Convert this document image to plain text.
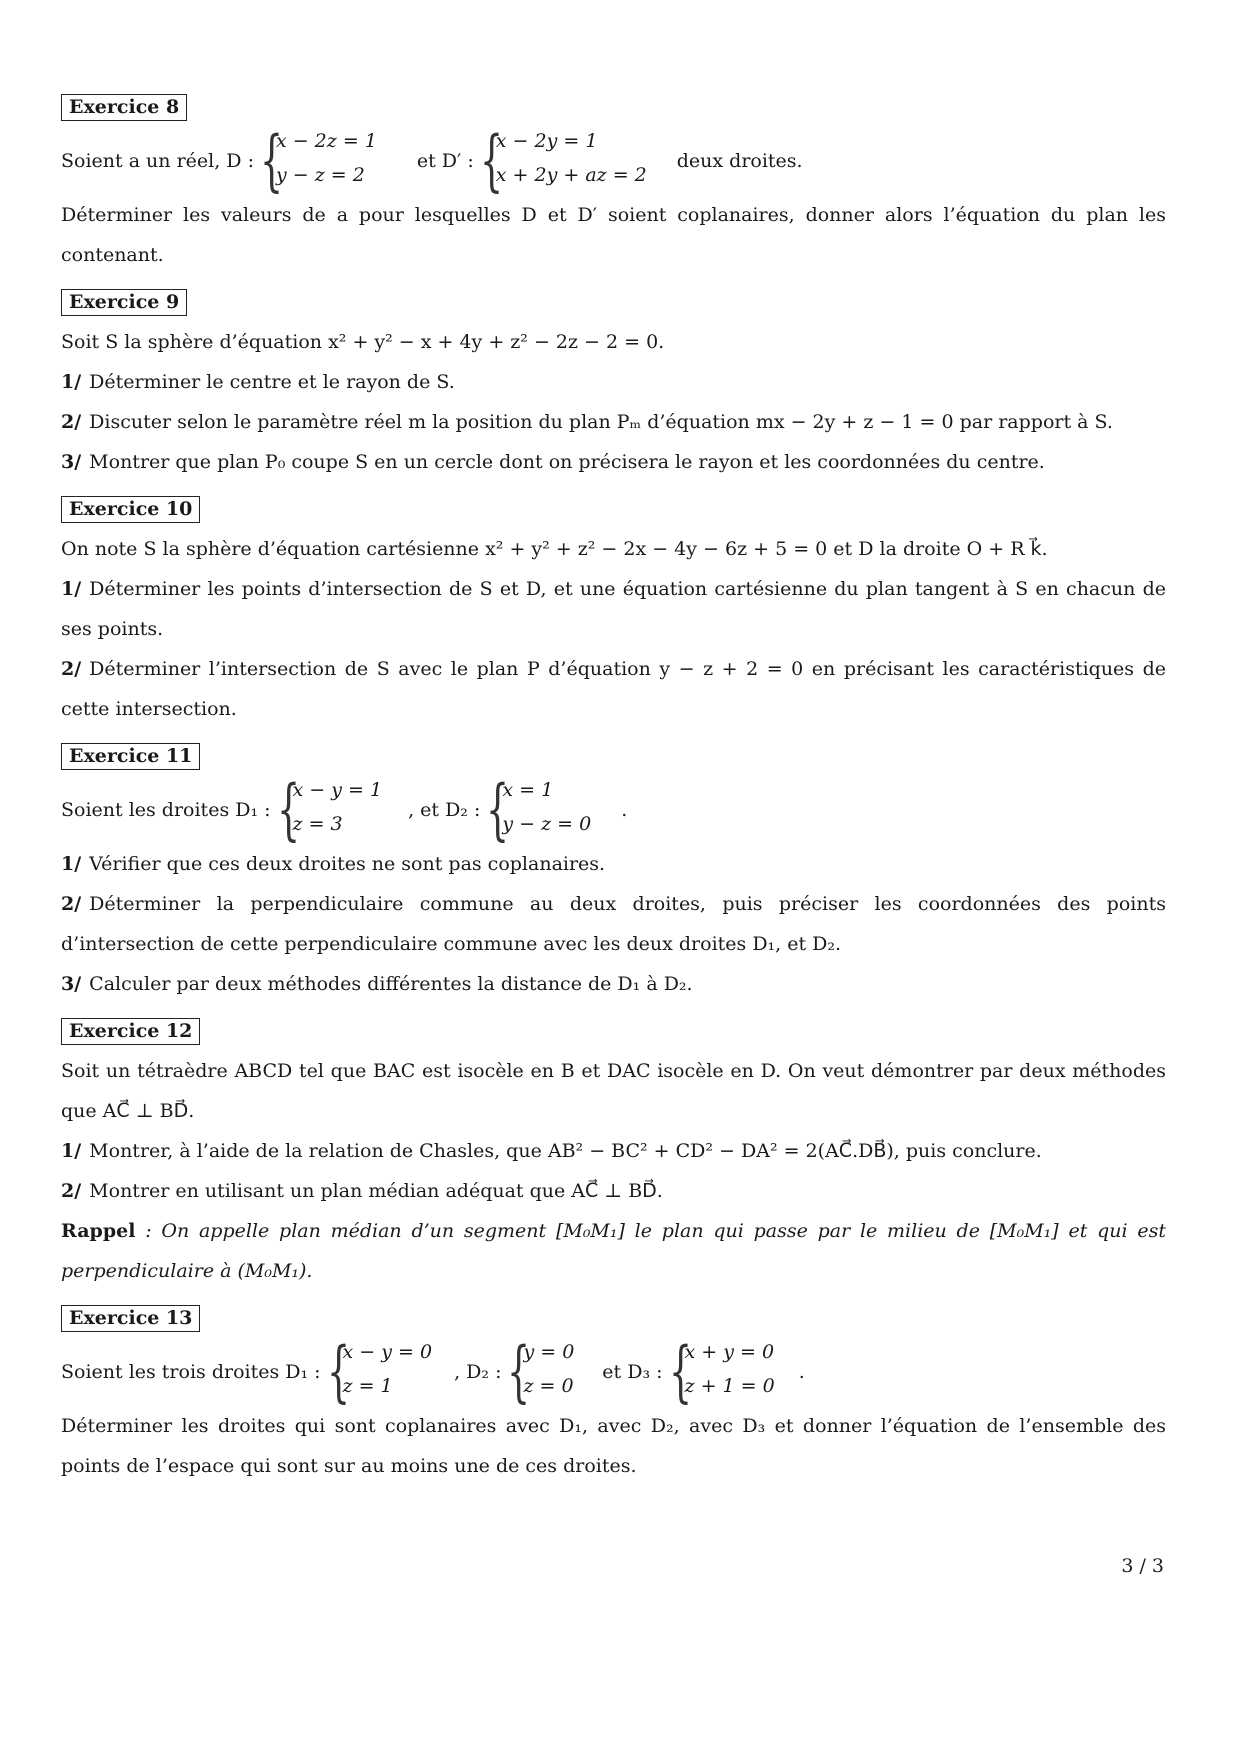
Exercice 8
Soient a un réel, D : {
x − 2z = 1
y − z = 2
et D′ : {
x − 2y = 1
x + 2y + az = 2
deux droites.
Déterminer les valeurs de a pour lesquelles D et D′ soient coplanaires, donner alors l’équation du plan les contenant.
Exercice 9
Soit S la sphère d’équation x² + y² − x + 4y + z² − 2z − 2 = 0.
1/ Déterminer le centre et le rayon de S.
2/ Discuter selon le paramètre réel m la position du plan Pₘ d’équation mx − 2y + z − 1 = 0 par rapport à S.
3/ Montrer que plan P₀ coupe S en un cercle dont on précisera le rayon et les coordonnées du centre.
Exercice 10
On note S la sphère d’équation cartésienne x² + y² + z² − 2x − 4y − 6z + 5 = 0 et D la droite O + R k⃗.
1/ Déterminer les points d’intersection de S et D, et une équation cartésienne du plan tangent à S en chacun de ses points.
2/ Déterminer l’intersection de S avec le plan P d’équation y − z + 2 = 0 en précisant les caractéristiques de cette intersection.
Exercice 11
Soient les droites D₁ : {
x − y = 1
z = 3
, et D₂ : {
x = 1
y − z = 0
.
1/ Vérifier que ces deux droites ne sont pas coplanaires.
2/ Déterminer la perpendiculaire commune au deux droites, puis préciser les coordonnées des points d’intersection de cette perpendiculaire commune avec les deux droites D₁, et D₂.
3/ Calculer par deux méthodes différentes la distance de D₁ à D₂.
Exercice 12
Soit un tétraèdre ABCD tel que BAC est isocèle en B et DAC isocèle en D. On veut démontrer par deux méthodes que AC⃗ ⊥ BD⃗.
1/ Montrer, à l’aide de la relation de Chasles, que AB² − BC² + CD² − DA² = 2(AC⃗.DB⃗), puis conclure.
2/ Montrer en utilisant un plan médian adéquat que AC⃗ ⊥ BD⃗.
Rappel : On appelle plan médian d’un segment [M₀M₁] le plan qui passe par le milieu de [M₀M₁] et qui est perpendiculaire à (M₀M₁).
Exercice 13
Soient les trois droites D₁ : {
x − y = 0
z = 1
, D₂ : {
y = 0
z = 0
et D₃ : {
x + y = 0
z + 1 = 0
.
Déterminer les droites qui sont coplanaires avec D₁, avec D₂, avec D₃ et donner l’équation de l’ensemble des points de l’espace qui sont sur au moins une de ces droites.
3 / 3
